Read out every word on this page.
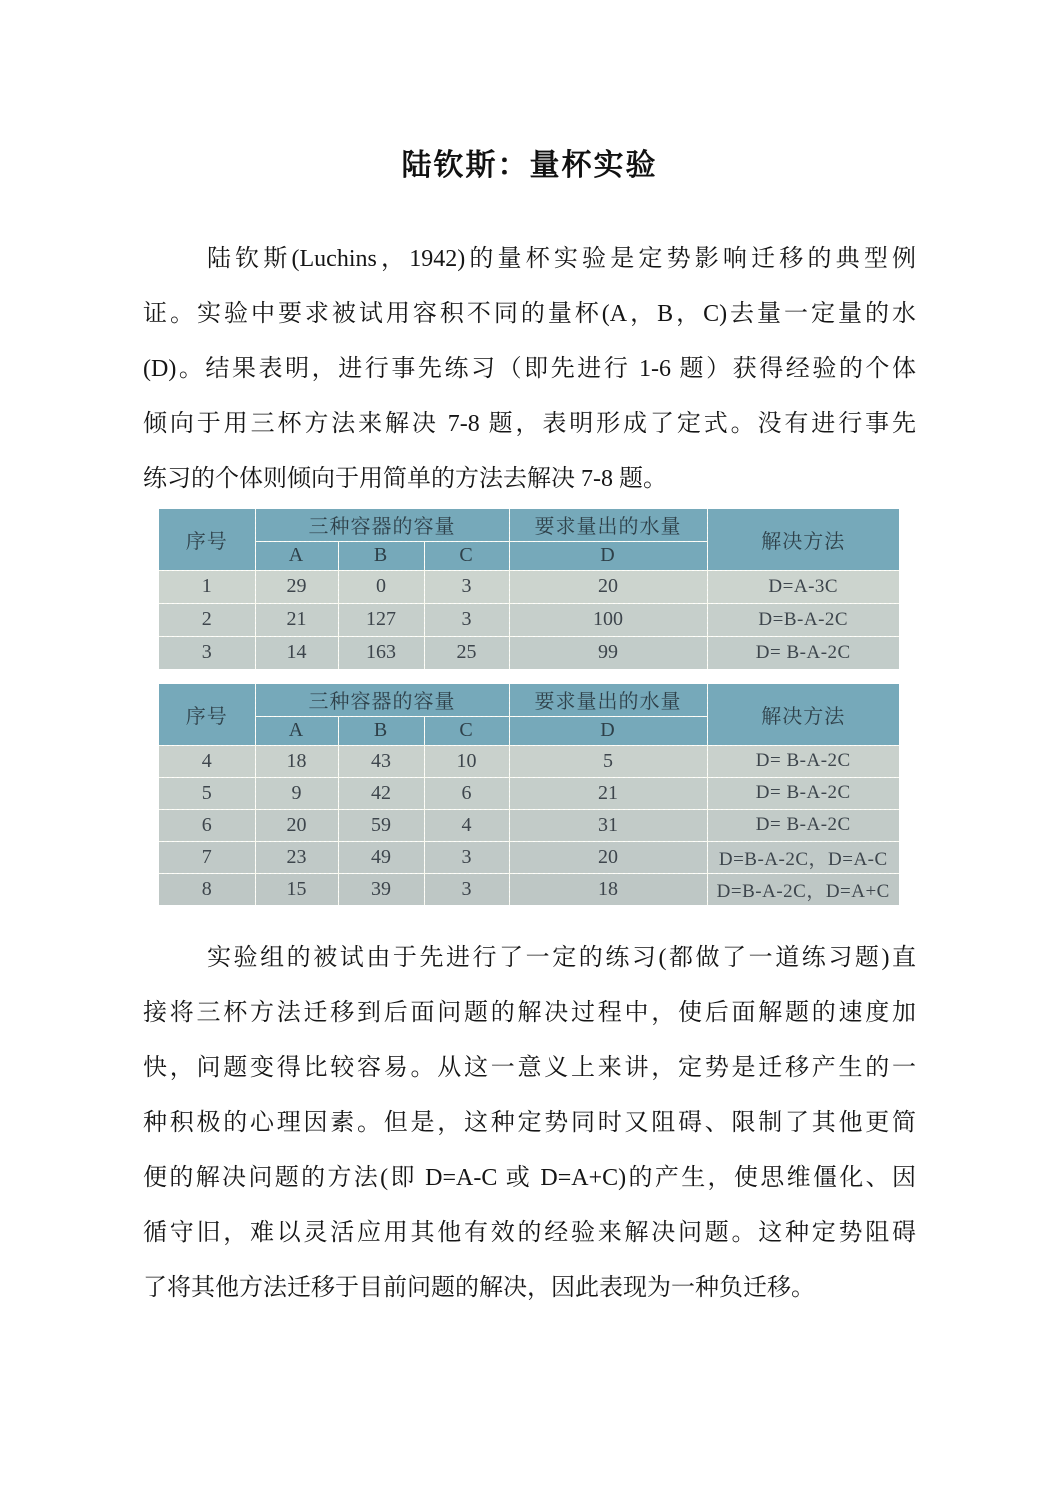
陆钦斯：量杯实验
陆钦斯(Luchins，1942)的量杯实验是定势影响迁移的典型例
证。实验中要求被试用容积不同的量杯(A，B，C)去量一定量的水
(D)。结果表明，进行事先练习（即先进行 1-6 题）获得经验的个体
倾向于用三杯方法来解决 7-8 题，表明形成了定式。没有进行事先
练习的个体则倾向于用简单的方法去解决 7-8 题。
序号	三种容器的容量			要求量出的水量	解决方法
	A	B	C	D	
1	29	0	3	20	D=A-3C
2	21	127	3	100	D=B-A-2C
3	14	163	25	99	D= B-A-2C
序号	三种容器的容量			要求量出的水量	解决方法
	A	B	C	D	
4	18	43	10	5	D= B-A-2C
5	9	42	6	21	D= B-A-2C
6	20	59	4	31	D= B-A-2C
7	23	49	3	20	D=B-A-2C，D=A-C
8	15	39	3	18	D=B-A-2C，D=A+C
实验组的被试由于先进行了一定的练习(都做了一道练习题)直
接将三杯方法迁移到后面问题的解决过程中，使后面解题的速度加
快，问题变得比较容易。从这一意义上来讲，定势是迁移产生的一
种积极的心理因素。但是，这种定势同时又阻碍、限制了其他更简
便的解决问题的方法(即 D=A-C 或 D=A+C)的产生，使思维僵化、因
循守旧，难以灵活应用其他有效的经验来解决问题。这种定势阻碍
了将其他方法迁移于目前问题的解决，因此表现为一种负迁移。
